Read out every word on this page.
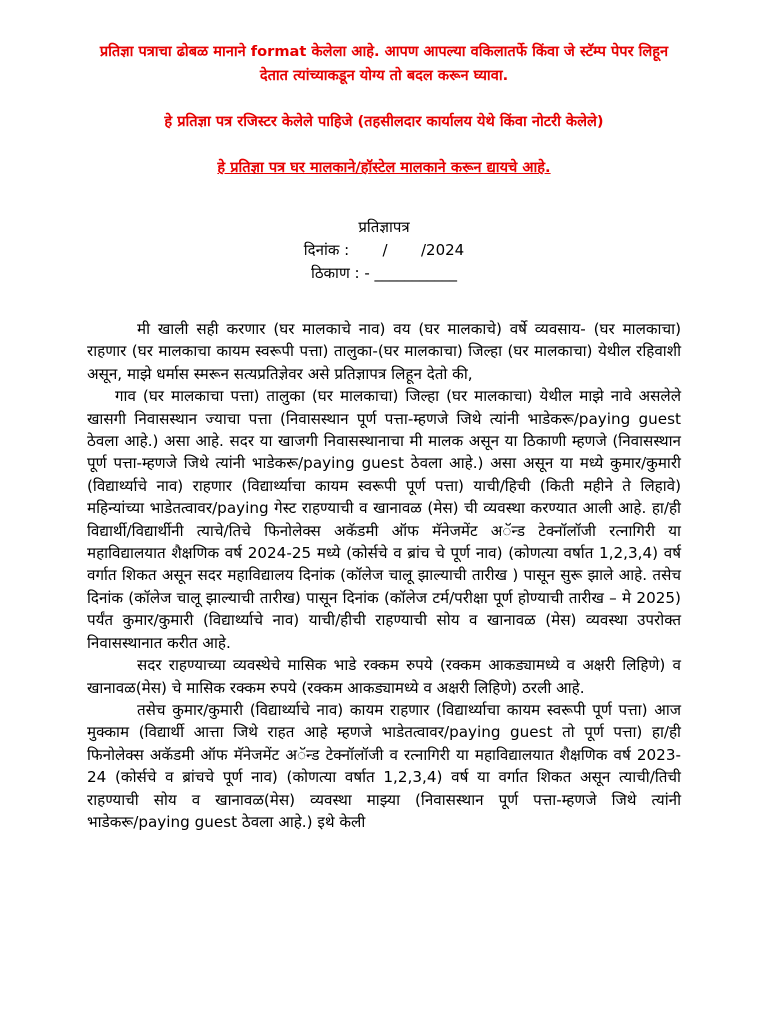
प्रतिज्ञा पत्राचा ढोबळ मानाने format केलेला आहे. आपण आपल्या वकिलातर्फे किंवा जे स्टॅम्प पेपर लिहून देतात त्यांच्याकडून योग्य तो बदल करून घ्यावा.

हे प्रतिज्ञा पत्र रजिस्टर केलेले पाहिजे (तहसीलदार कार्यालय येथे किंवा नोटरी केलेले)

हे प्रतिज्ञा पत्र घर मालकाने/हॉस्टेल मालकाने करून द्यायचे आहे.

प्रतिज्ञापत्र
दिनांक :       /       /2024
ठिकाण : - ___________

मी खाली सही करणार (घर मालकाचे नाव) वय (घर मालकाचे) वर्षे व्यवसाय- (घर मालकाचा) राहणार (घर मालकाचा कायम स्वरूपी पत्ता) तालुका-(घर मालकाचा) जिल्हा (घर मालकाचा) येथील रहिवाशी असून, माझे धर्मास स्मरून सत्यप्रतिज्ञेवर असे प्रतिज्ञापत्र लिहून देतो की,

गाव (घर मालकाचा पत्ता) तालुका (घर मालकाचा) जिल्हा (घर मालकाचा) येथील माझे नावे असलेले खासगी निवासस्थान ज्याचा पत्ता (निवासस्थान पूर्ण पत्ता-म्हणजे जिथे त्यांनी भाडेकरू/paying guest ठेवला आहे.) असा आहे. सदर या खाजगी निवासस्थानाचा मी मालक असून या ठिकाणी म्हणजे (निवासस्थान पूर्ण पत्ता-म्हणजे जिथे त्यांनी भाडेकरू/paying guest ठेवला आहे.) असा असून या मध्ये कुमार/कुमारी (विद्यार्थ्याचे नाव) राहणार (विद्यार्थ्याचा कायम स्वरूपी पूर्ण पत्ता) याची/हिची (किती महीने ते लिहावे) महिन्यांच्या भाडेतत्वावर/paying गेस्ट राहण्याची व खानावळ (मेस) ची व्यवस्था करण्यात आली आहे. हा/ही विद्यार्थी/विद्यार्थीनी त्याचे/तिचे फिनोलेक्स अकॅडमी ऑफ मॅनेजमेंट अॅन्ड टेक्नॉलॉजी रत्नागिरी या महाविद्यालयात शैक्षणिक वर्ष 2024-25 मध्ये (कोर्सचे व ब्रांच चे पूर्ण नाव) (कोणत्या वर्षात 1,2,3,4) वर्ष वर्गात शिकत असून सदर महाविद्यालय दिनांक (कॉलेज चालू झाल्याची तारीख ) पासून सुरू झाले आहे. तसेच दिनांक (कॉलेज चालू झाल्याची तारीख) पासून दिनांक (कॉलेज टर्म/परीक्षा पूर्ण होण्याची तारीख – मे 2025) पर्यंत कुमार/कुमारी (विद्यार्थ्याचे नाव) याची/हीची राहण्याची सोय व खानावळ (मेस) व्यवस्था उपरोक्त निवासस्थानात करीत आहे.

सदर राहण्याच्या व्यवस्थेचे मासिक भाडे रक्कम रुपये (रक्कम आकड्यामध्ये व अक्षरी लिहिणे) व खानावळ(मेस) चे मासिक रक्कम रुपये (रक्कम आकड्यामध्ये व अक्षरी लिहिणे) ठरली आहे.

तसेच कुमार/कुमारी (विद्यार्थ्याचे नाव) कायम राहणार (विद्यार्थ्याचा कायम स्वरूपी पूर्ण पत्ता) आज मुक्काम (विद्यार्थी आत्ता जिथे राहत आहे म्हणजे भाडेतत्वावर/paying guest तो पूर्ण पत्ता) हा/ही फिनोलेक्स अकॅडमी ऑफ मॅनेजमेंट अॅन्ड टेक्नॉलॉजी व रत्नागिरी या महाविद्यालयात शैक्षणिक वर्ष 2023-24 (कोर्सचे व ब्रांचचे पूर्ण नाव) (कोणत्या वर्षात 1,2,3,4) वर्ष या वर्गात शिकत असून त्याची/तिची राहण्याची सोय व खानावळ(मेस) व्यवस्था माझ्या (निवासस्थान पूर्ण पत्ता-म्हणजे जिथे त्यांनी भाडेकरू/paying guest ठेवला आहे.) इथे केली
